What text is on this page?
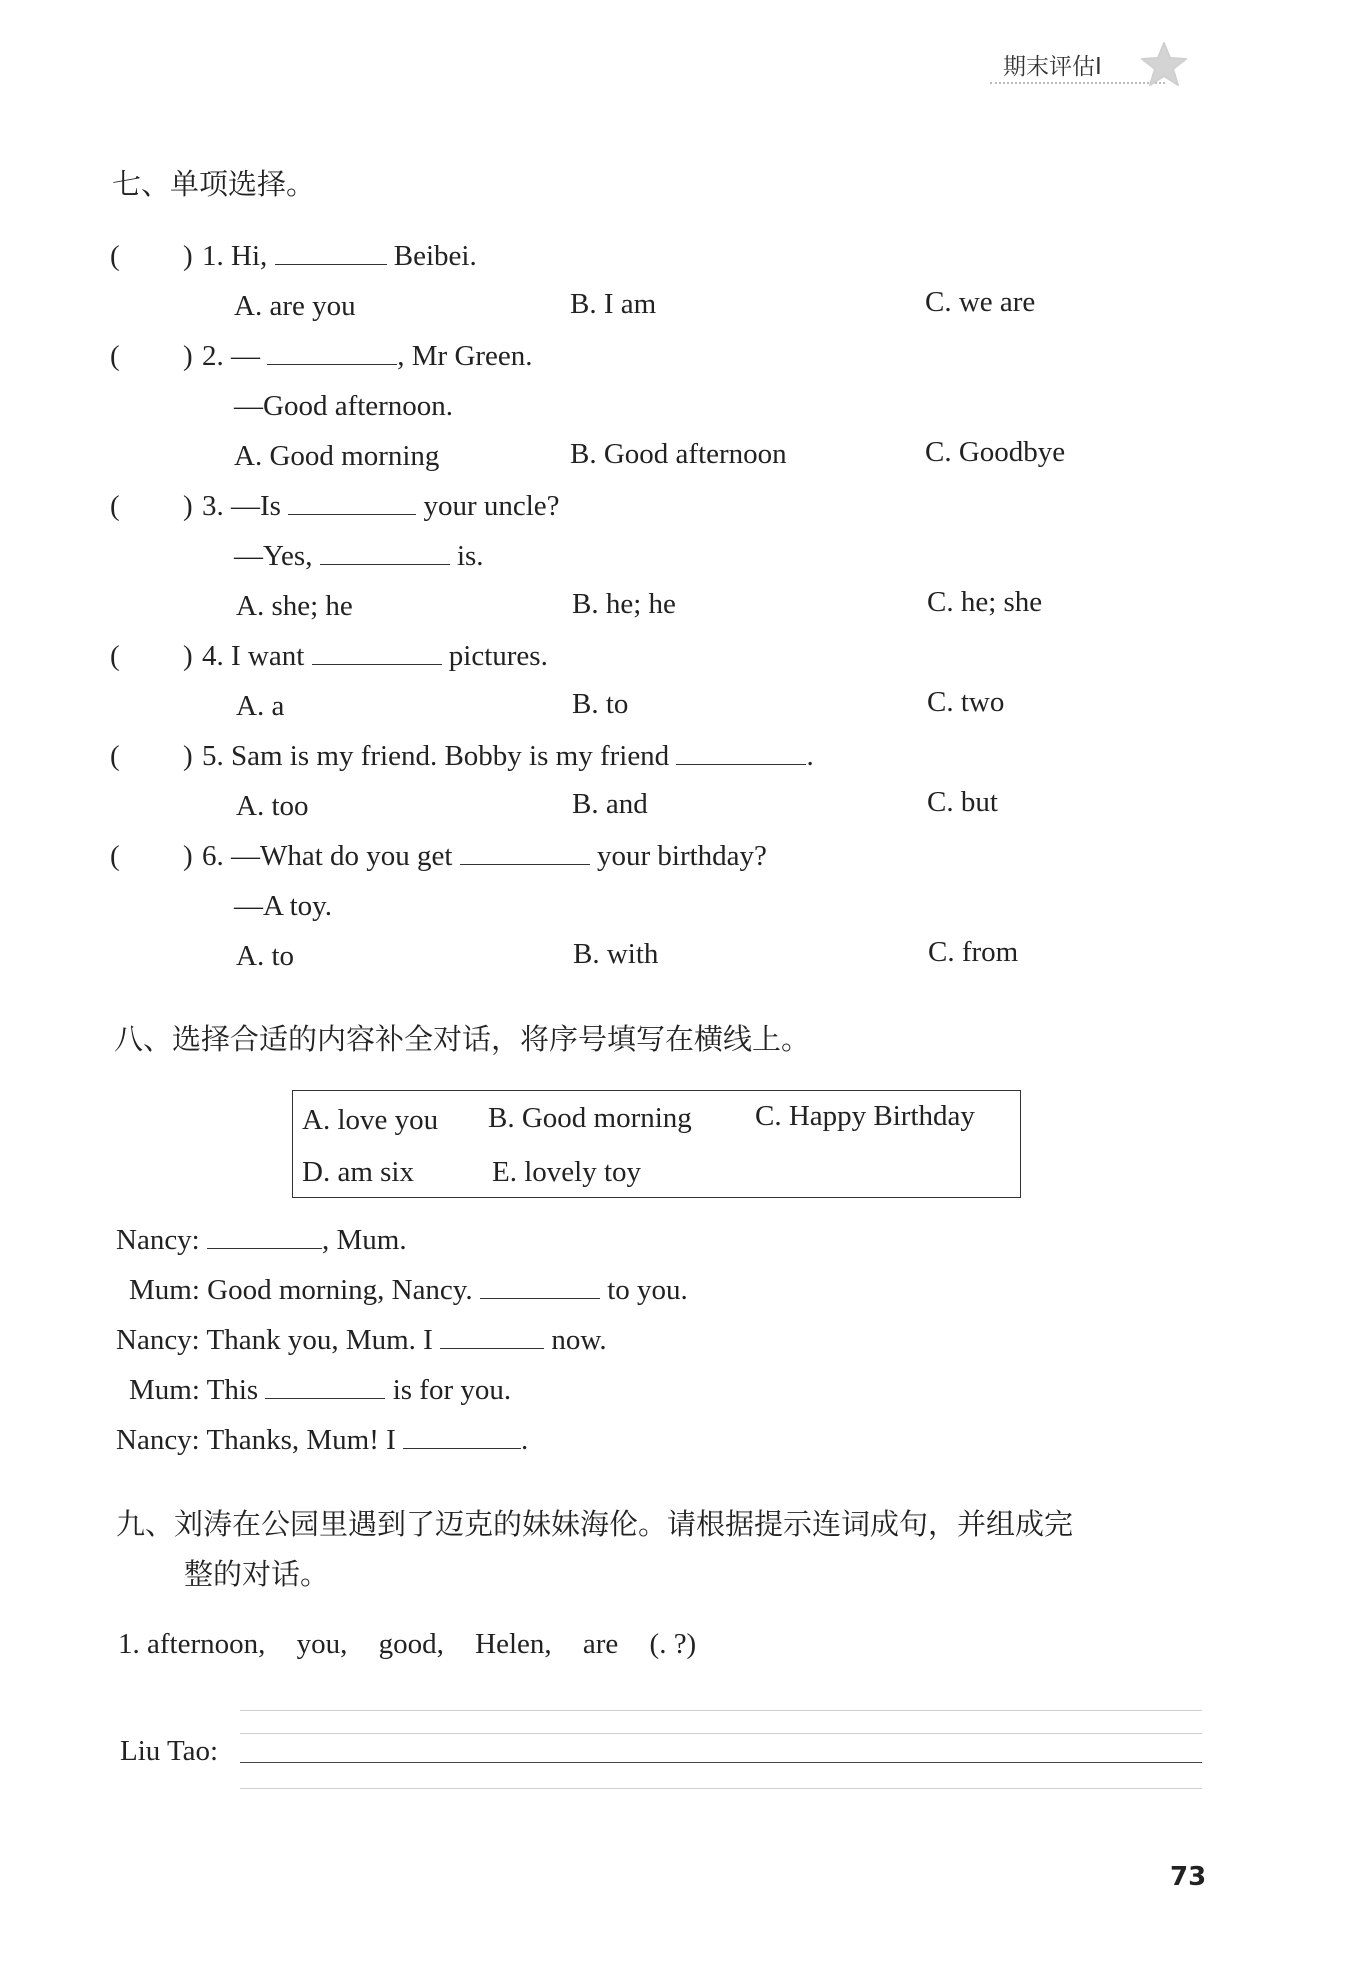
期末评估Ⅰ
七、单项选择。
( ) 1. Hi,	Beibei.
A. are you	B. I am	C. we are
( ) 2. —	, Mr Green.
—Good afternoon.
A. Good morning	B. Good afternoon	C. Goodbye
( ) 3. —Is	your uncle?
—Yes,	is.
A. she; he	B. he; he	C. he; she
( ) 4. I want	pictures.
A. a	B. to	C. two
( ) 5. Sam is my friend. Bobby is my friend	.
A. too	B. and	C. but
( ) 6. —What do you get	your birthday?
—A toy.
A. to	B. with	C. from
八、选择合适的内容补全对话，将序号填写在横线上。
A. love you B. Good morning C. Happy Birthday
D. am six	E. lovely toy
Nancy:	, Mum.
Mum: Good morning, Nancy.	to you.
Nancy: Thank you, Mum. I	now.
Mum: This	is for you.
Nancy: Thanks, Mum! I	.
九、刘涛在公园里遇到了迈克的妹妹海伦。请根据提示连词成句，并组成完
整的对话。
1. afternoon, you, good, Helen, are (. ?)
Liu Tao:
73
